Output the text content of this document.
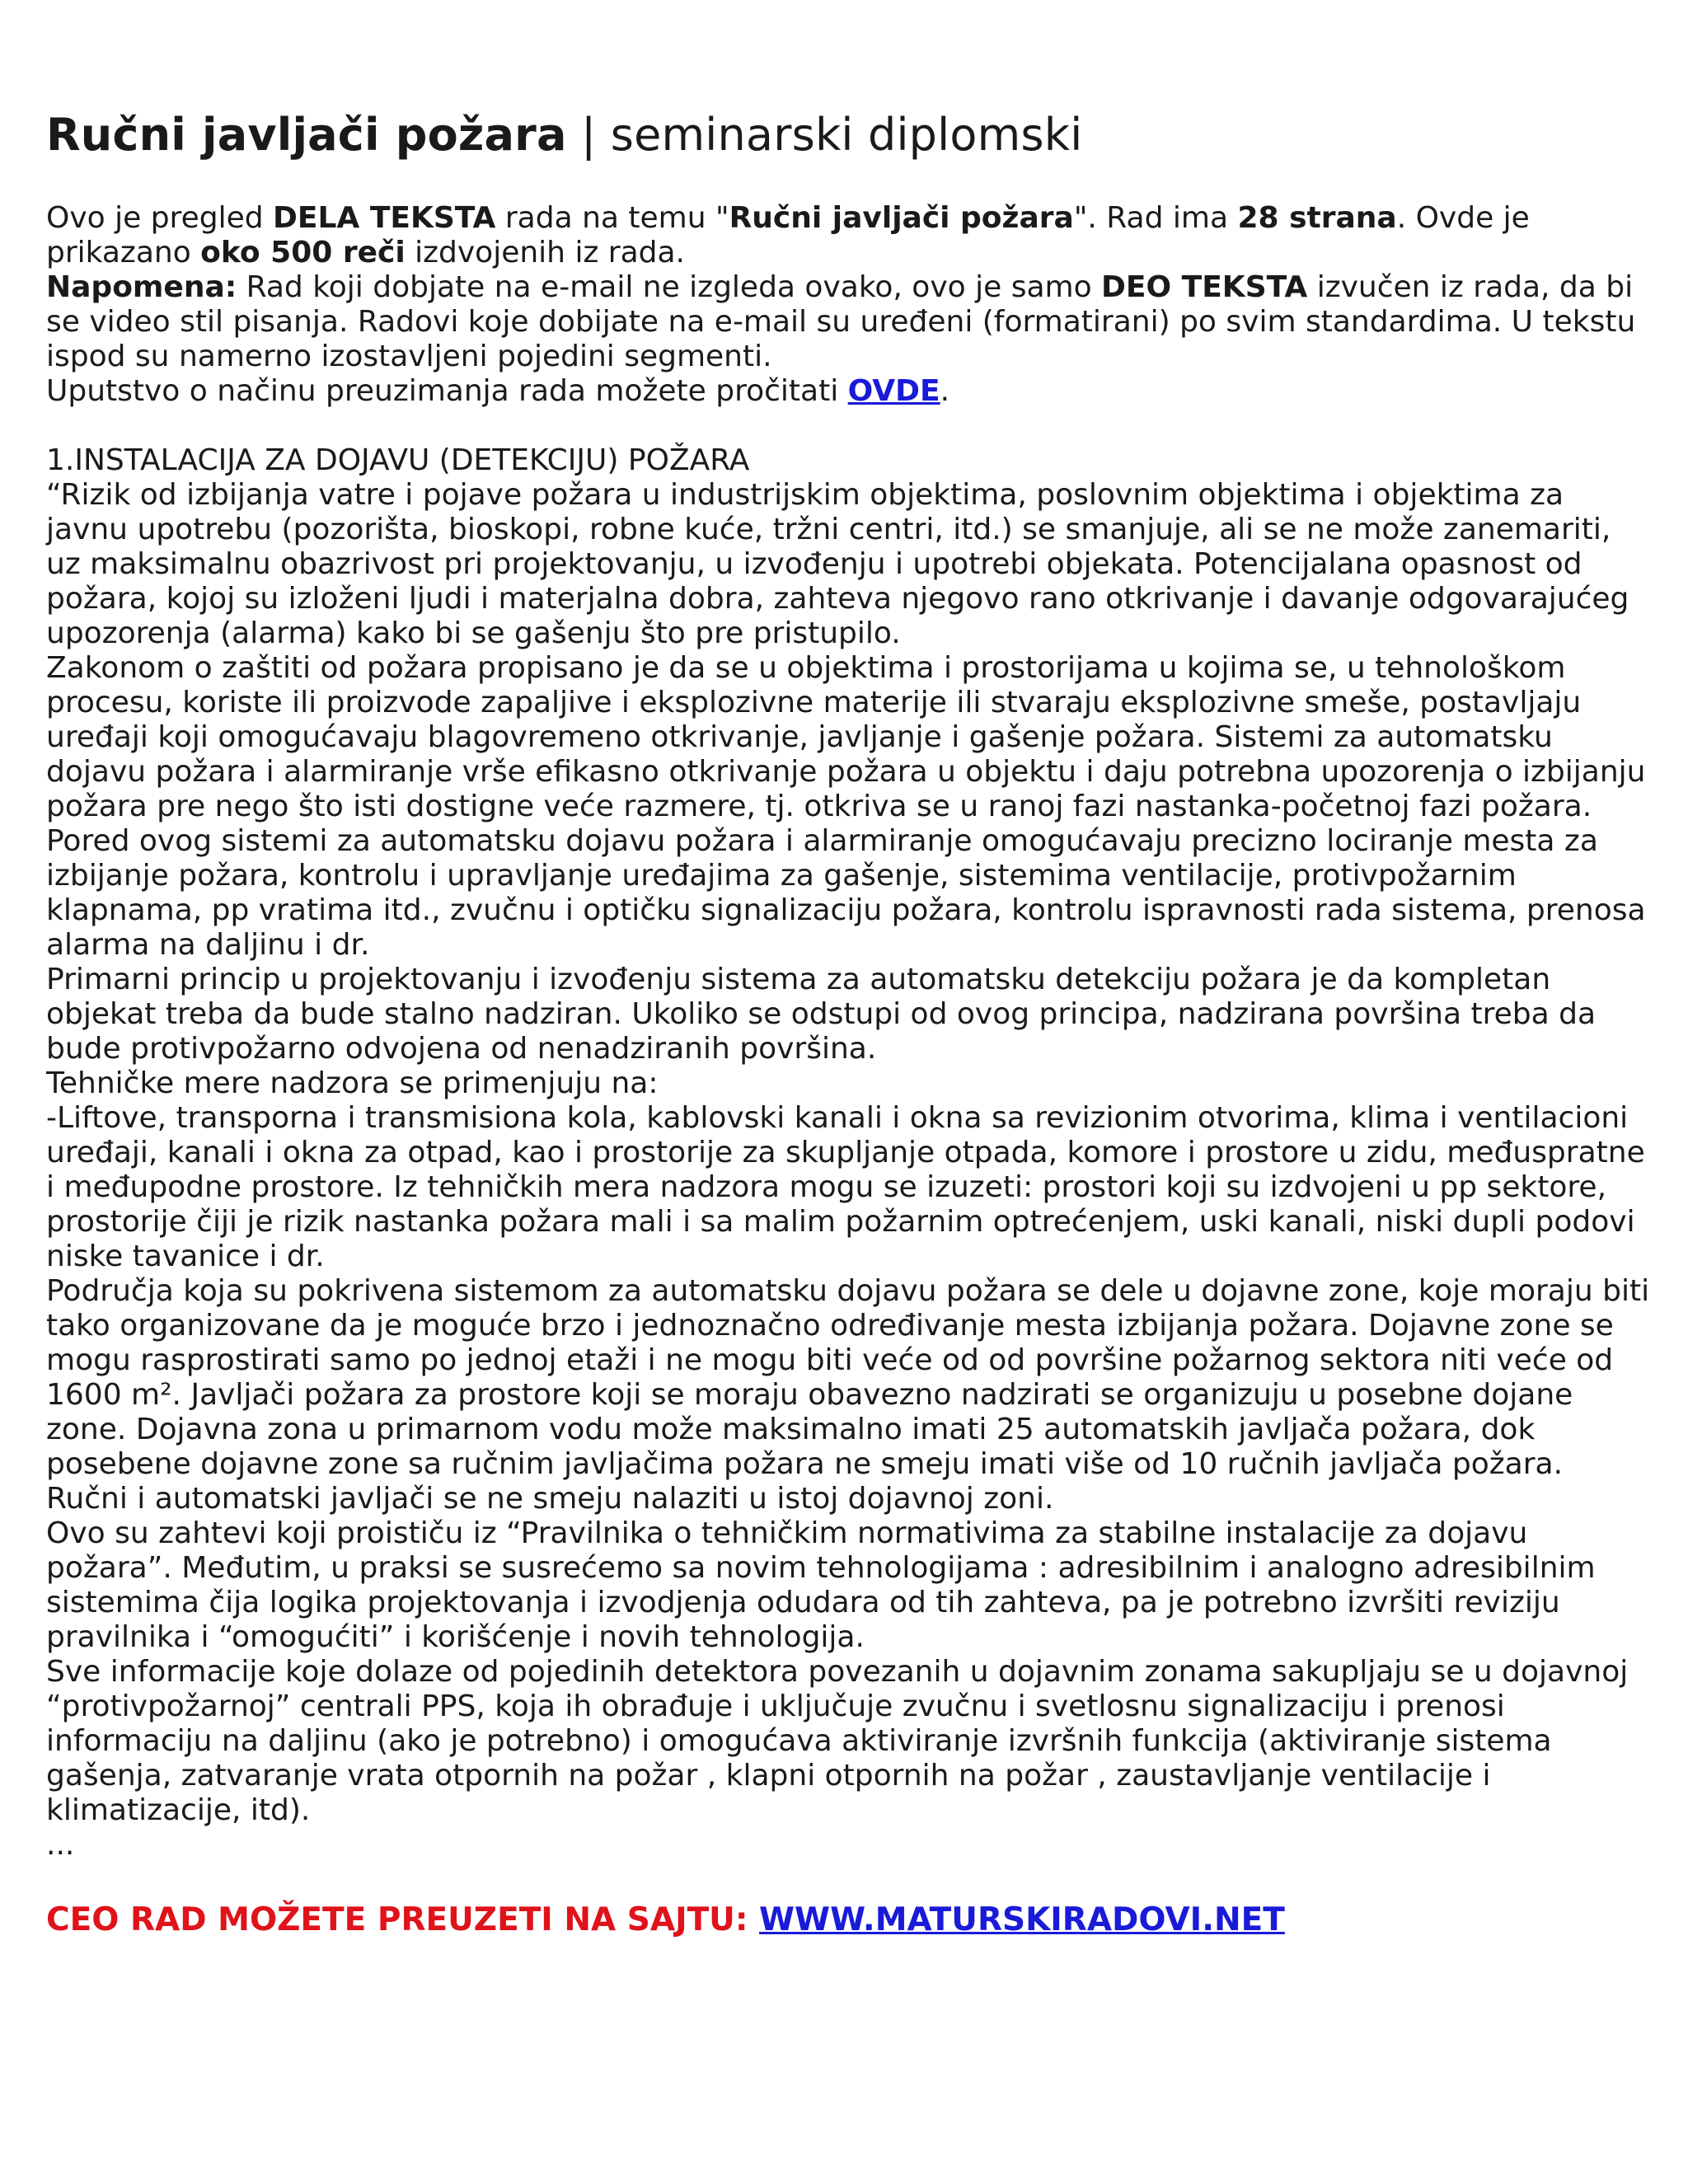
Ručni javljači požara | seminarski diplomski

Ovo je pregled DELA TEKSTA rada na temu "Ručni javljači požara". Rad ima 28 strana. Ovde je prikazano oko 500 reči izdvojenih iz rada.

Napomena: Rad koji dobjate na e-mail ne izgleda ovako, ovo je samo DEO TEKSTA izvučen iz rada, da bi se video stil pisanja. Radovi koje dobijate na e-mail su uređeni (formatirani) po svim standardima. U tekstu ispod su namerno izostavljeni pojedini segmenti.

Uputstvo o načinu preuzimanja rada možete pročitati OVDE.

1.INSTALACIJA ZA DOJAVU (DETEKCIJU) POŽARA

“Rizik od izbijanja vatre i pojave požara u industrijskim objektima, poslovnim objektima i objektima za javnu upotrebu (pozorišta, bioskopi, robne kuće, tržni centri, itd.) se smanjuje, ali se ne može zanemariti, uz maksimalnu obazrivost pri projektovanju, u izvođenju i upotrebi objekata. Potencijalana opasnost od požara, kojoj su izloženi ljudi i materjalna dobra, zahteva njegovo rano otkrivanje i davanje odgovarajućeg upozorenja (alarma) kako bi se gašenju što pre pristupilo.

Zakonom o zaštiti od požara propisano je da se u objektima i prostorijama u kojima se, u tehnološkom procesu, koriste ili proizvode zapaljive i eksplozivne materije ili stvaraju eksplozivne smeše, postavljaju uređaji koji omogućavaju blagovremeno otkrivanje, javljanje i gašenje požara. Sistemi za automatsku dojavu požara i alarmiranje vrše efikasno otkrivanje požara u objektu i daju potrebna upozorenja o izbijanju požara pre nego što isti dostigne veće razmere, tj. otkriva se u ranoj fazi nastanka-početnoj fazi požara. Pored ovog sistemi za automatsku dojavu požara i alarmiranje omogućavaju precizno lociranje mesta za izbijanje požara, kontrolu i upravljanje uređajima za gašenje, sistemima ventilacije, protivpožarnim klapnama, pp vratima itd., zvučnu i optičku signalizaciju požara, kontrolu ispravnosti rada sistema, prenosa alarma na daljinu i dr.

Primarni princip u projektovanju i izvođenju sistema za automatsku detekciju požara je da kompletan objekat treba da bude stalno nadziran. Ukoliko se odstupi od ovog principa, nadzirana površina treba da bude protivpožarno odvojena od nenadziranih površina.

Tehničke mere nadzora se primenjuju na:

-Liftove, transporna i transmisiona kola, kablovski kanali i okna sa revizionim otvorima, klima i ventilacioni uređaji, kanali i okna za otpad, kao i prostorije za skupljanje otpada, komore i prostore u zidu, međuspratne i međupodne prostore. Iz tehničkih mera nadzora mogu se izuzeti: prostori koji su izdvojeni u pp sektore, prostorije čiji je rizik nastanka požara mali i sa malim požarnim optrećenjem, uski kanali, niski dupli podovi niske tavanice i dr.

Područja koja su pokrivena sistemom za automatsku dojavu požara se dele u dojavne zone, koje moraju biti tako organizovane da je moguće brzo i jednoznačno određivanje mesta izbijanja požara. Dojavne zone se mogu rasprostirati samo po jednoj etaži i ne mogu biti veće od od površine požarnog sektora niti veće od 1600 m². Javljači požara za prostore koji se moraju obavezno nadzirati se organizuju u posebne dojane zone. Dojavna zona u primarnom vodu može maksimalno imati 25 automatskih javljača požara, dok posebene dojavne zone sa ručnim javljačima požara ne smeju imati više od 10 ručnih javljača požara. Ručni i automatski javljači se ne smeju nalaziti u istoj dojavnoj zoni.

Ovo su zahtevi koji proističu iz “Pravilnika o tehničkim normativima za stabilne instalacije za dojavu požara”. Međutim, u praksi se susrećemo sa novim tehnologijama : adresibilnim i analogno adresibilnim sistemima čija logika projektovanja i izvodjenja odudara od tih zahteva, pa je potrebno izvršiti reviziju pravilnika i “omogućiti” i korišćenje i novih tehnologija.

Sve informacije koje dolaze od pojedinih detektora povezanih u dojavnim zonama sakupljaju se u dojavnoj “protivpožarnoj” centrali PPS, koja ih obrađuje i uključuje zvučnu i svetlosnu signalizaciju i prenosi informaciju na daljinu (ako je potrebno) i omogućava aktiviranje izvršnih funkcija (aktiviranje sistema gašenja, zatvaranje vrata otpornih na požar , klapni otpornih na požar , zaustavljanje ventilacije i klimatizacije, itd).

...

CEO RAD MOŽETE PREUZETI NA SAJTU: WWW.MATURSKIRADOVI.NET
